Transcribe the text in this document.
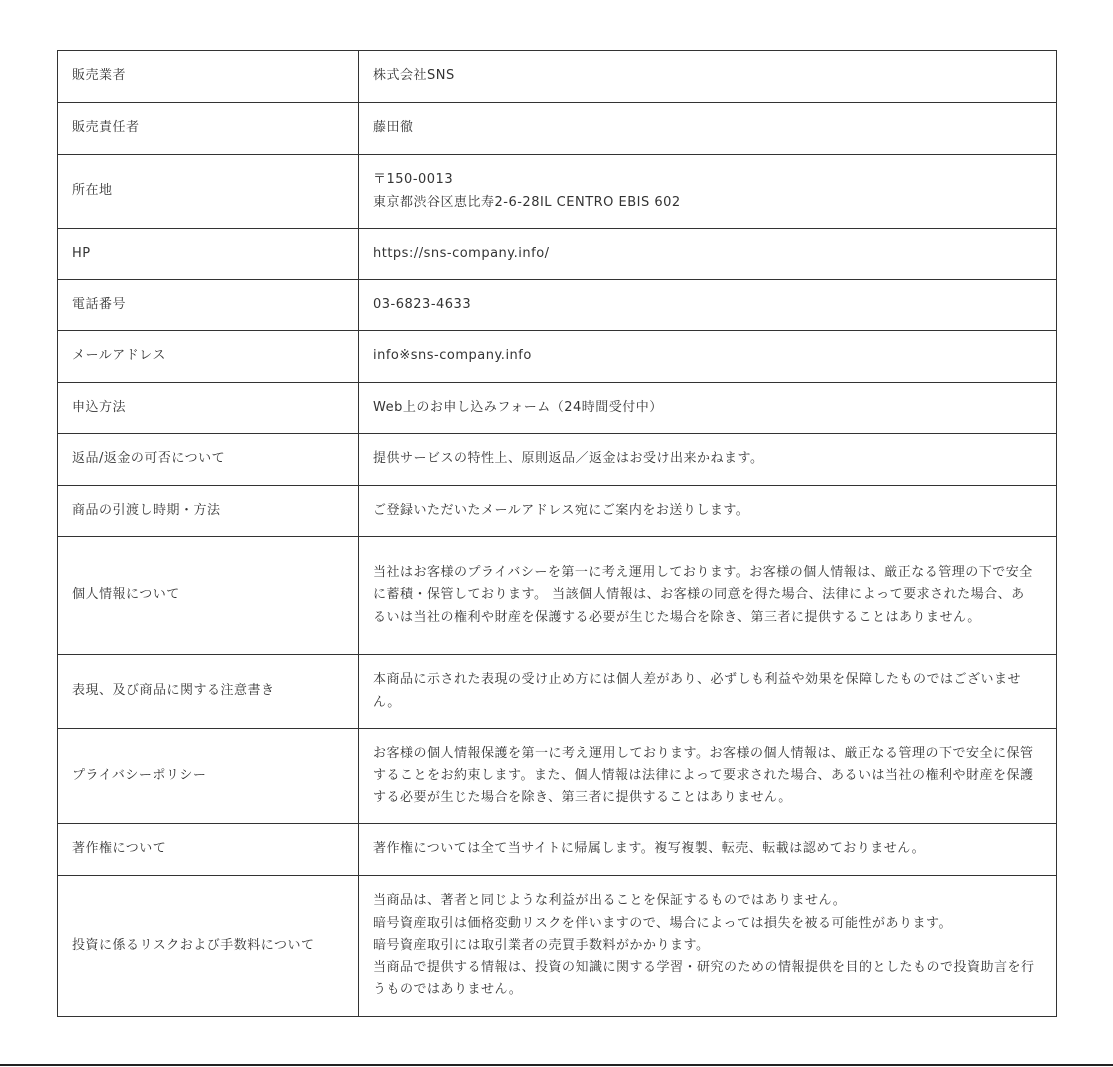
販売業者	株式会社SNS

販売責任者	藤田徹

所在地	〒150-0013
東京都渋谷区恵比寿2-6-28IL CENTRO EBIS 602

HP	https://sns-company.info/

電話番号	03-6823-4633

メールアドレス	info※sns-company.info

申込方法	Web上のお申し込みフォーム（24時間受付中）

返品/返金の可否について	提供サービスの特性上、原則返品／返金はお受け出来かねます。

商品の引渡し時期・方法	ご登録いただいたメールアドレス宛にご案内をお送りします。

個人情報について	当社はお客様のプライバシーを第一に考え運用しております。お客様の個人情報は、厳正なる管理の下で安全に蓄積・保管しております。 当該個人情報は、お客様の同意を得た場合、法律によって要求された場合、あるいは当社の権利や財産を保護する必要が生じた場合を除き、第三者に提供することはありません。

表現、及び商品に関する注意書き	本商品に示された表現の受け止め方には個人差があり、必ずしも利益や効果を保障したものではございません。

プライバシーポリシー	お客様の個人情報保護を第一に考え運用しております。お客様の個人情報は、厳正なる管理の下で安全に保管することをお約束します。また、個人情報は法律によって要求された場合、あるいは当社の権利や財産を保護する必要が生じた場合を除き、第三者に提供することはありません。

著作権について	著作権については全て当サイトに帰属します。複写複製、転売、転載は認めておりません。

投資に係るリスクおよび手数料について	当商品は、著者と同じような利益が出ることを保証するものではありません。
暗号資産取引は価格変動リスクを伴いますので、場合によっては損失を被る可能性があります。
暗号資産取引には取引業者の売買手数料がかかります。
当商品で提供する情報は、投資の知識に関する学習・研究のための情報提供を目的としたもので投資助言を行うものではありません。
